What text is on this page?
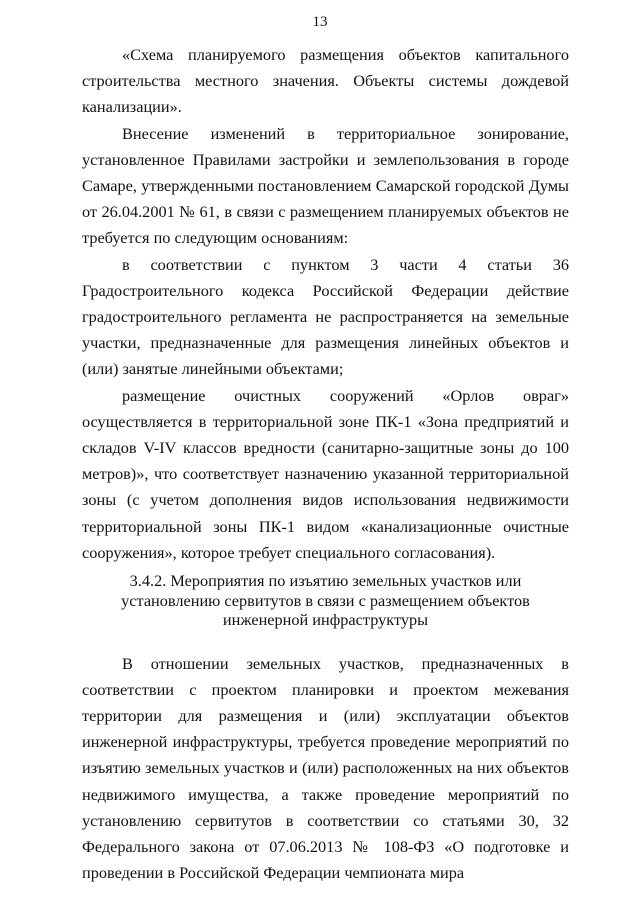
13

«Схема планируемого размещения объектов капитального строительства местного значения. Объекты системы дождевой канализации».

Внесение изменений в территориальное зонирование, установленное Правилами застройки и землепользования в городе Самаре, утвержденными постановлением Самарской городской Думы от 26.04.2001 № 61, в связи с размещением планируемых объектов не требуется по следующим основаниям:

в соответствии с пунктом 3 части 4 статьи 36 Градостроительного кодекса Российской Федерации действие градостроительного регламента не распространяется на земельные участки, предназначенные для размещения линейных объектов и (или) занятые линейными объектами;

размещение очистных сооружений «Орлов овраг» осуществляется в территориальной зоне ПК-1 «Зона предприятий и складов V-IV классов вредности (санитарно-защитные зоны до 100 метров)», что соответствует назначению указанной территориальной зоны (с учетом дополнения видов использования недвижимости территориальной зоны ПК-1 видом «канализационные очистные сооружения», которое требует специального согласования).

3.4.2. Мероприятия по изъятию земельных участков или установлению сервитутов в связи с размещением объектов инженерной инфраструктуры

В отношении земельных участков, предназначенных в соответствии с проектом планировки и проектом межевания территории для размещения и (или) эксплуатации объектов инженерной инфраструктуры, требуется проведение мероприятий по изъятию земельных участков и (или) расположенных на них объектов недвижимого имущества, а также проведение мероприятий по установлению сервитутов в соответствии со статьями 30, 32 Федерального закона от 07.06.2013 № 108-ФЗ «О подготовке и проведении в Российской Федерации чемпионата мира
